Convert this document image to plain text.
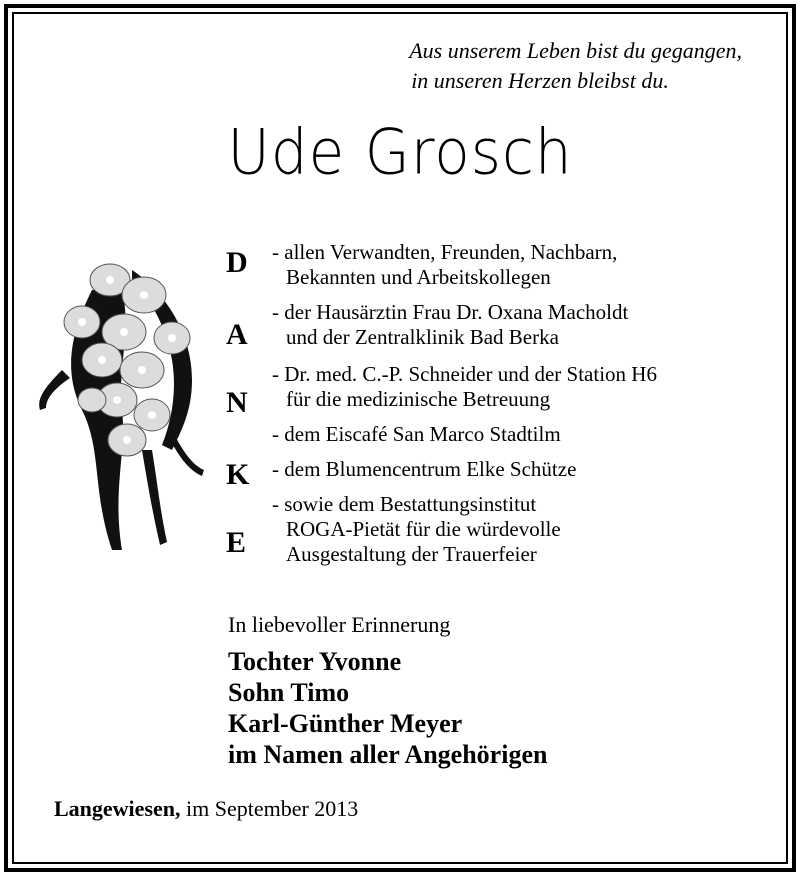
Aus unserem Leben bist du gegangen,
in unseren Herzen bleibst du.
Ude Grosch
D
A
N
K
E
- allen Verwandten, Freunden, Nachbarn,
Bekannten und Arbeitskollegen
- der Hausärztin Frau Dr. Oxana Macholdt
und der Zentralklinik Bad Berka
- Dr. med. C.-P. Schneider und der Station H6
für die medizinische Betreuung
- dem Eiscafé San Marco Stadtilm
- dem Blumencentrum Elke Schütze
- sowie dem Bestattungsinstitut
ROGA-Pietät für die würdevolle
Ausgestaltung der Trauerfeier
In liebevoller Erinnerung
Tochter Yvonne
Sohn Timo
Karl-Günther Meyer
im Namen aller Angehörigen
Langewiesen, im September 2013
